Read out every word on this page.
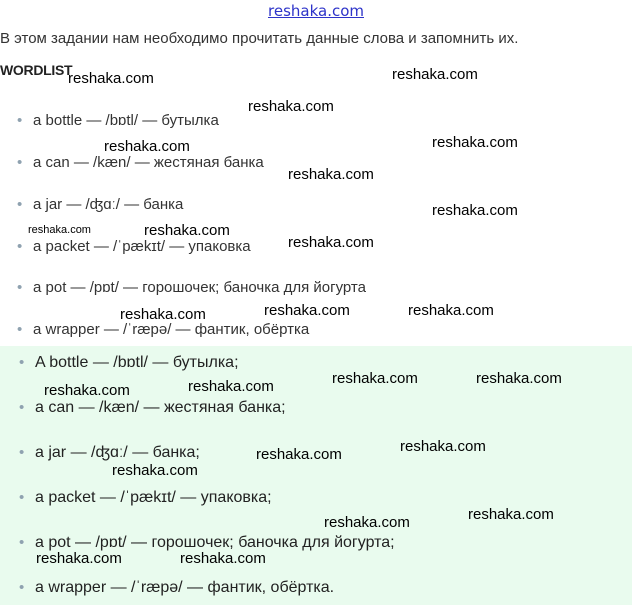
reshaka.com
В этом задании нам необходимо прочитать данные слова и запомнить их.
WORDLIST
• a bottle — /bɒtl/ — бутылка
• a can — /kæn/ — жестяная банка
• a jar — /ʤɑː/ — банка
• a packet — /ˈpækɪt/ — упаковка
• a pot — /pɒt/ — горошочек; баночка для йогурта
• a wrapper — /ˈræpə/ — фантик, обёртка
• A bottle — /bɒtl/ — бутылка;
• a can — /kæn/ — жестяная банка;
• a jar — /ʤɑː/ — банка;
• a packet — /ˈpækɪt/ — упаковка;
• a pot — /pɒt/ — горошочек; баночка для йогурта;
• a wrapper — /ˈræpə/ — фантик, обёртка.
reshaka.com	reshaka.com
reshaka.com
reshaka.com	reshaka.com
reshaka.com
reshaka.com
reshaka.com	reshaka.com
reshaka.com
reshaka.com	reshaka.com	reshaka.com
reshaka.com	reshaka.com
reshaka.com
reshaka.com
reshaka.com
reshaka.com
reshaka.com
reshaka.com
reshaka.com
reshaka.com	reshaka.com
